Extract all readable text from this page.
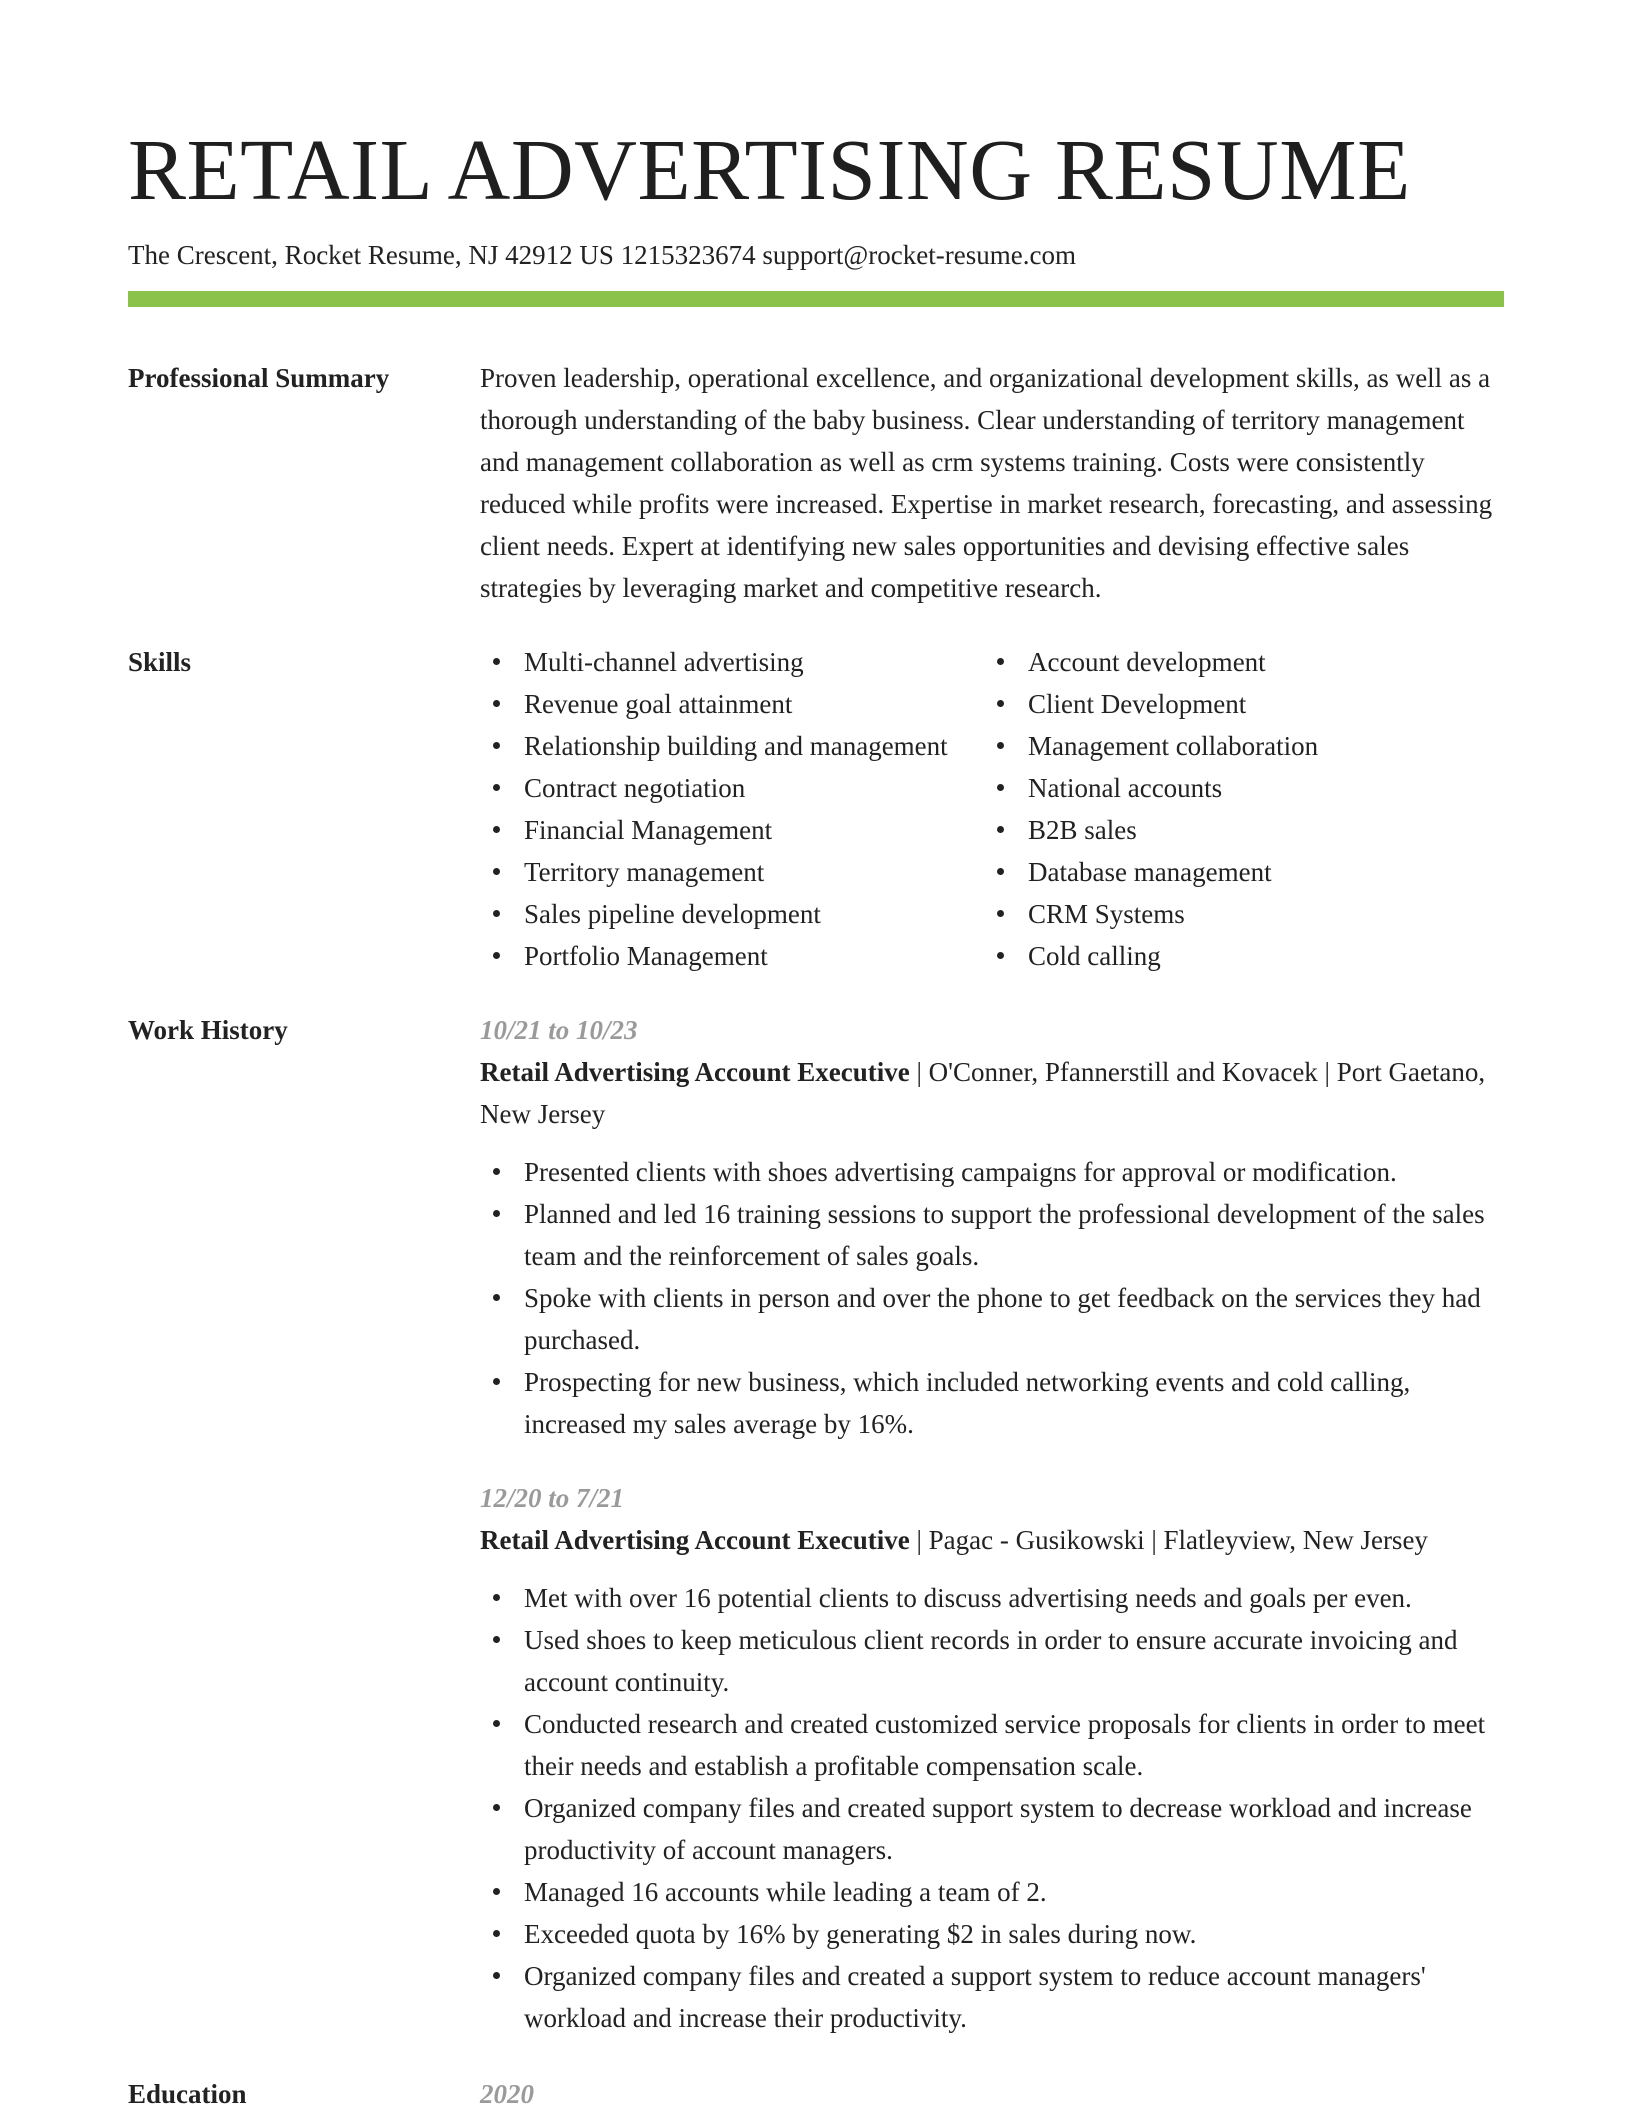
RETAIL ADVERTISING RESUME
The Crescent, Rocket Resume, NJ 42912 US 1215323674 support@rocket-resume.com
Professional Summary	Proven leadership, operational excellence, and organizational development skills, as well as a thorough understanding of the baby business. Clear understanding of territory management and management collaboration as well as crm systems training. Costs were consistently reduced while profits were increased. Expertise in market research, forecasting, and assessing client needs. Expert at identifying new sales opportunities and devising effective sales strategies by leveraging market and competitive research.
Skills	Multi-channel advertising
Revenue goal attainment
Relationship building and management
Contract negotiation
Financial Management
Territory management
Sales pipeline development
Portfolio Management
Account development
Client Development
Management collaboration
National accounts
B2B sales
Database management
CRM Systems
Cold calling
Work History	10/21 to 10/23
Retail Advertising Account Executive | O'Conner, Pfannerstill and Kovacek | Port Gaetano, New Jersey
Presented clients with shoes advertising campaigns for approval or modification.
Planned and led 16 training sessions to support the professional development of the sales team and the reinforcement of sales goals.
Spoke with clients in person and over the phone to get feedback on the services they had purchased.
Prospecting for new business, which included networking events and cold calling, increased my sales average by 16%.
12/20 to 7/21
Retail Advertising Account Executive | Pagac - Gusikowski | Flatleyview, New Jersey
Met with over 16 potential clients to discuss advertising needs and goals per even.
Used shoes to keep meticulous client records in order to ensure accurate invoicing and account continuity.
Conducted research and created customized service proposals for clients in order to meet their needs and establish a profitable compensation scale.
Organized company files and created support system to decrease workload and increase productivity of account managers.
Managed 16 accounts while leading a team of 2.
Exceeded quota by 16% by generating $2 in sales during now.
Organized company files and created a support system to reduce account managers' workload and increase their productivity.
Education	2020
